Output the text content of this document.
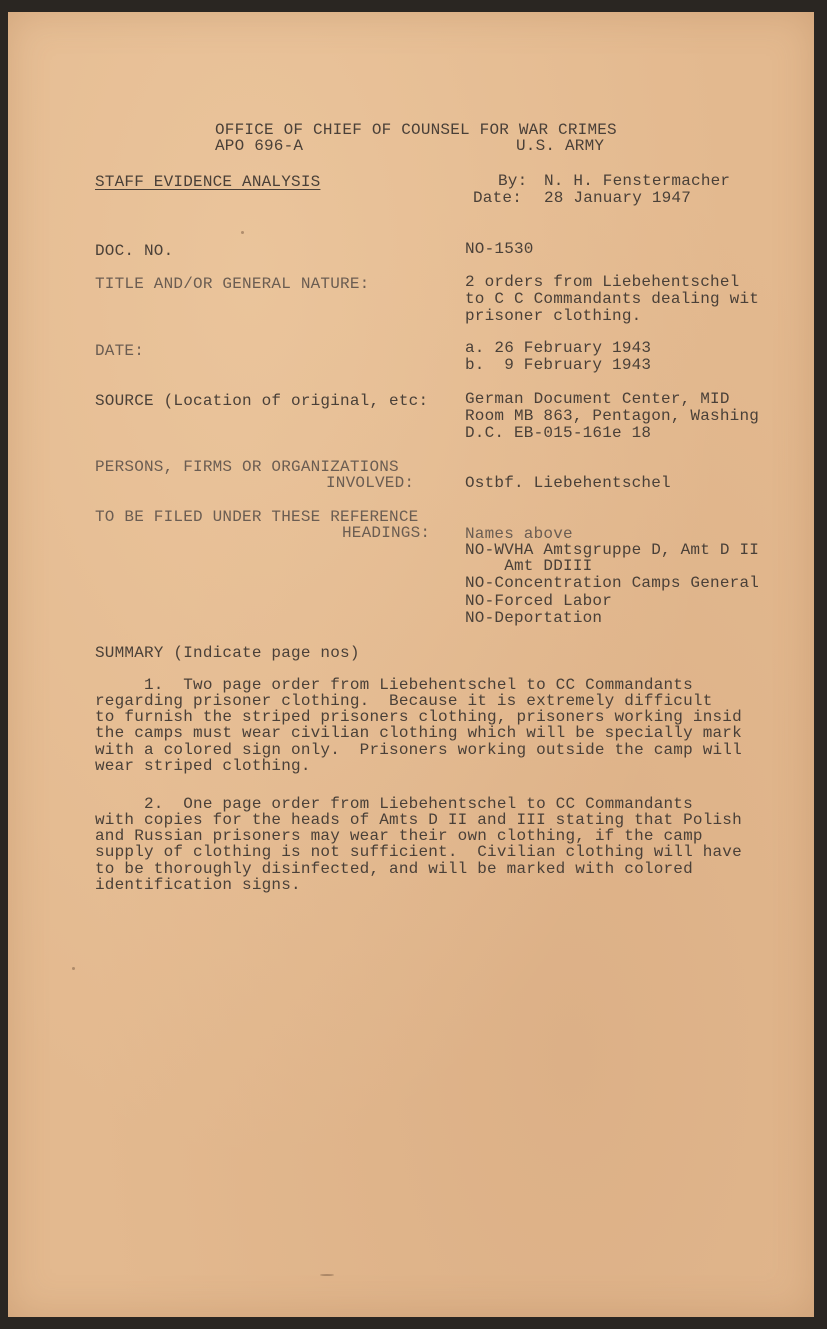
OFFICE OF CHIEF OF COUNSEL FOR WAR CRIMES
APO 696-A	U.S. ARMY
STAFF EVIDENCE ANALYSIS	By: N. H. Fenstermacher
Date: 28 January 1947
DOC. NO.	NO-1530
TITLE AND/OR GENERAL NATURE:	2 orders from Liebehentschel
to C C Commandants dealing wit
prisoner clothing.
DATE:	a. 26 February 1943
b.  9 February 1943
SOURCE (Location of original, etc: German Document Center, MID
Room MB 863, Pentagon, Washing
D.C. EB-015-161e 18
PERSONS, FIRMS OR ORGANIZATIONS
INVOLVED:	Ostbf. Liebehentschel
TO BE FILED UNDER THESE REFERENCE
HEADINGS: Names above
NO-WVHA Amtsgruppe D, Amt D II
Amt DDIII
NO-Concentration Camps General
NO-Forced Labor
NO-Deportation
SUMMARY (Indicate page nos)
1.  Two page order from Liebehentschel to CC Commandants
regarding prisoner clothing.  Because it is extremely difficult
to furnish the striped prisoners clothing, prisoners working insid
the camps must wear civilian clothing which will be specially mark
with a colored sign only.  Prisoners working outside the camp will
wear striped clothing.
2.  One page order from Liebehentschel to CC Commandants
with copies for the heads of Amts D II and III stating that Polish
and Russian prisoners may wear their own clothing, if the camp
supply of clothing is not sufficient.  Civilian clothing will have
to be thoroughly disinfected, and will be marked with colored
identification signs.
